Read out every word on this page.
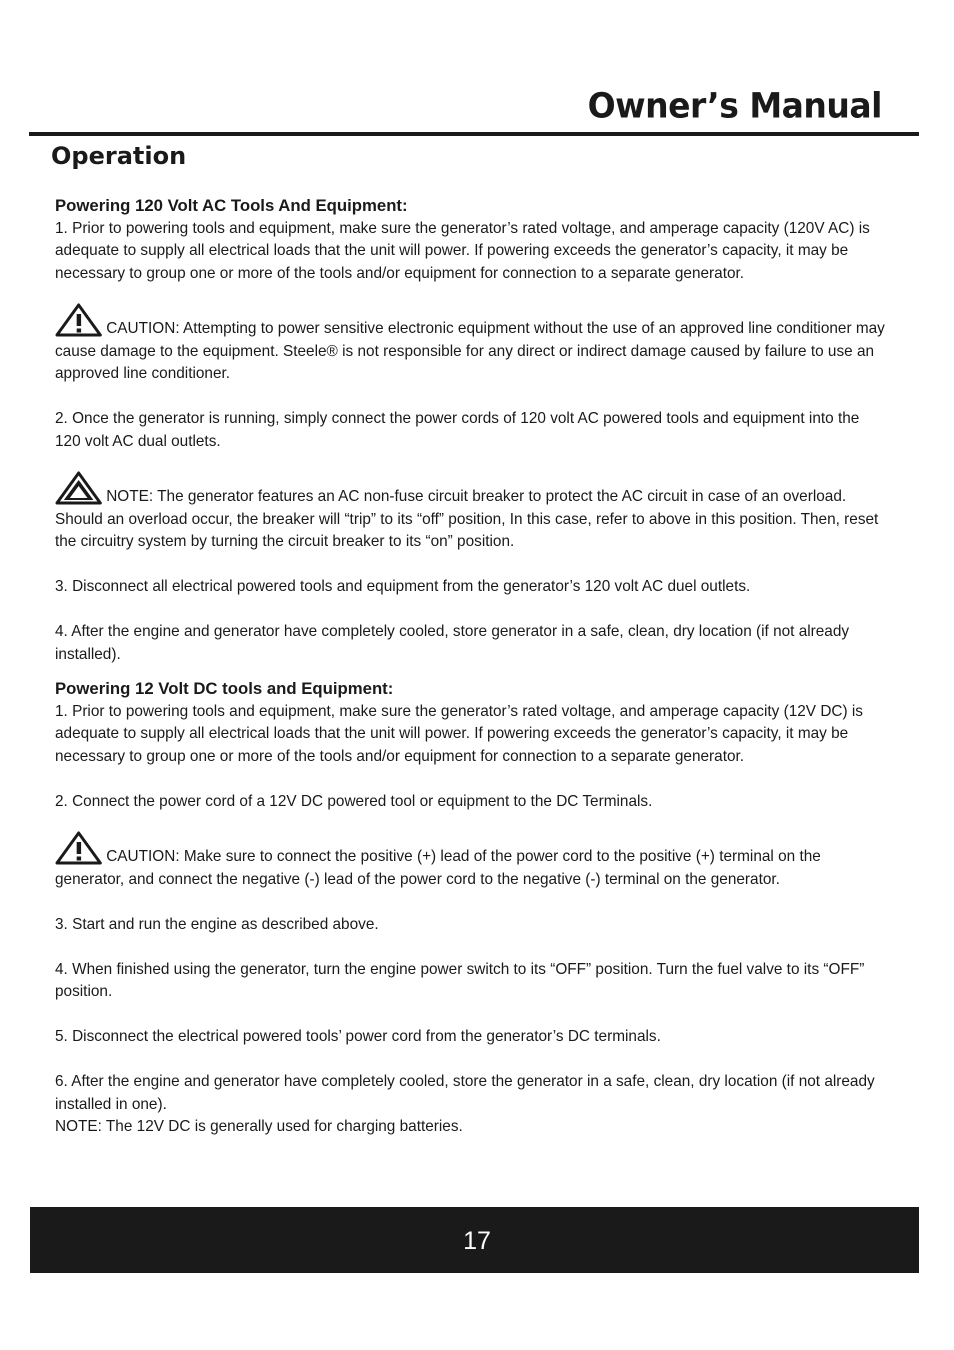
Owner’s Manual
Operation

Powering 120 Volt AC Tools And Equipment:

1. Prior to powering tools and equipment, make sure the generator’s rated voltage, and amperage capacity (120V AC) is adequate to supply all electrical loads that the unit will power. If powering exceeds the generator’s capacity, it may be necessary to group one or more of the tools and/or equipment for connection to a separate generator.

CAUTION: Attempting to power sensitive electronic equipment without the use of an approved line conditioner may cause damage to the equipment. Steele® is not responsible for any direct or indirect damage caused by failure to use an approved line conditioner.

2. Once the generator is running, simply connect the power cords of 120 volt AC powered tools and equipment into the 120 volt AC dual outlets.

NOTE: The generator features an AC non-fuse circuit breaker to protect the AC circuit in case of an overload. Should an overload occur, the breaker will “trip” to its “off” position, In this case, refer to above in this position. Then, reset the circuitry system by turning the circuit breaker to its “on” position.

3. Disconnect all electrical powered tools and equipment from the generator’s 120 volt AC duel outlets.

4. After the engine and generator have completely cooled, store generator in a safe, clean, dry location (if not already installed).

Powering 12 Volt DC tools and Equipment:

1. Prior to powering tools and equipment, make sure the generator’s rated voltage, and amperage capacity (12V DC) is adequate to supply all electrical loads that the unit will power. If powering exceeds the generator’s capacity, it may be necessary to group one or more of the tools and/or equipment for connection to a separate generator.

2. Connect the power cord of a 12V DC powered tool or equipment to the DC Terminals.

CAUTION: Make sure to connect the positive (+) lead of the power cord to the positive (+) terminal on the generator, and connect the negative (-) lead of the power cord to the negative (-) terminal on the generator.

3. Start and run the engine as described above.

4. When finished using the generator, turn the engine power switch to its “OFF” position. Turn the fuel valve to its “OFF” position.

5. Disconnect the electrical powered tools’ power cord from the generator’s DC terminals.

6. After the engine and generator have completely cooled, store the generator in a safe, clean, dry location (if not already installed in one).

NOTE: The 12V DC is generally used for charging batteries.

17
